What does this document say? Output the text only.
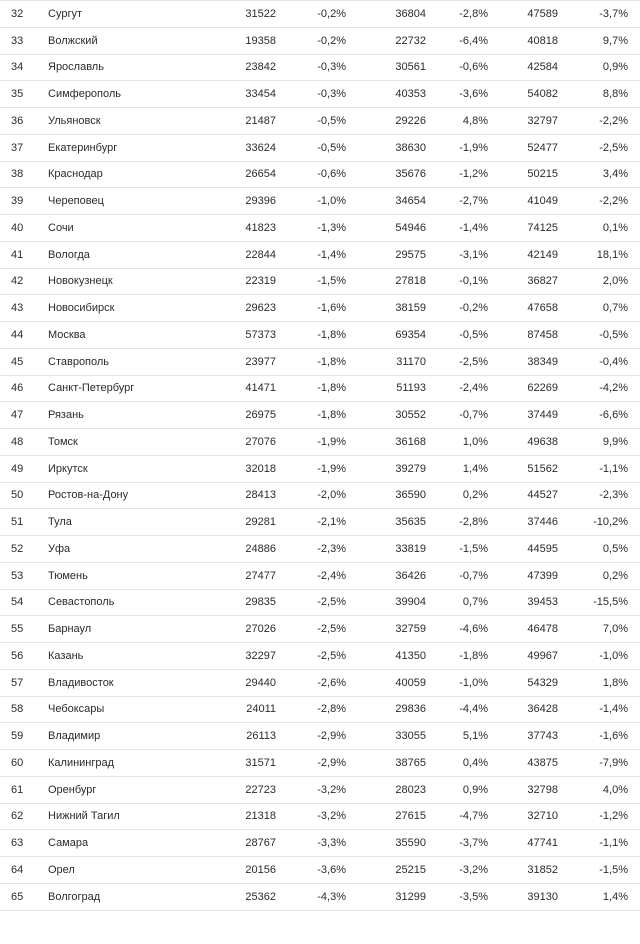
32	Сургут	31522	-0,2%	36804	-2,8%	47589	-3,7%
33	Волжский	19358	-0,2%	22732	-6,4%	40818	9,7%
34	Ярославль	23842	-0,3%	30561	-0,6%	42584	0,9%
35	Симферополь	33454	-0,3%	40353	-3,6%	54082	8,8%
36	Ульяновск	21487	-0,5%	29226	4,8%	32797	-2,2%
37	Екатеринбург	33624	-0,5%	38630	-1,9%	52477	-2,5%
38	Краснодар	26654	-0,6%	35676	-1,2%	50215	3,4%
39	Череповец	29396	-1,0%	34654	-2,7%	41049	-2,2%
40	Сочи	41823	-1,3%	54946	-1,4%	74125	0,1%
41	Вологда	22844	-1,4%	29575	-3,1%	42149	18,1%
42	Новокузнецк	22319	-1,5%	27818	-0,1%	36827	2,0%
43	Новосибирск	29623	-1,6%	38159	-0,2%	47658	0,7%
44	Москва	57373	-1,8%	69354	-0,5%	87458	-0,5%
45	Ставрополь	23977	-1,8%	31170	-2,5%	38349	-0,4%
46	Санкт-Петербург	41471	-1,8%	51193	-2,4%	62269	-4,2%
47	Рязань	26975	-1,8%	30552	-0,7%	37449	-6,6%
48	Томск	27076	-1,9%	36168	1,0%	49638	9,9%
49	Иркутск	32018	-1,9%	39279	1,4%	51562	-1,1%
50	Ростов-на-Дону	28413	-2,0%	36590	0,2%	44527	-2,3%
51	Тула	29281	-2,1%	35635	-2,8%	37446	-10,2%
52	Уфа	24886	-2,3%	33819	-1,5%	44595	0,5%
53	Тюмень	27477	-2,4%	36426	-0,7%	47399	0,2%
54	Севастополь	29835	-2,5%	39904	0,7%	39453	-15,5%
55	Барнаул	27026	-2,5%	32759	-4,6%	46478	7,0%
56	Казань	32297	-2,5%	41350	-1,8%	49967	-1,0%
57	Владивосток	29440	-2,6%	40059	-1,0%	54329	1,8%
58	Чебоксары	24011	-2,8%	29836	-4,4%	36428	-1,4%
59	Владимир	26113	-2,9%	33055	5,1%	37743	-1,6%
60	Калининград	31571	-2,9%	38765	0,4%	43875	-7,9%
61	Оренбург	22723	-3,2%	28023	0,9%	32798	4,0%
62	Нижний Тагил	21318	-3,2%	27615	-4,7%	32710	-1,2%
63	Самара	28767	-3,3%	35590	-3,7%	47741	-1,1%
64	Орел	20156	-3,6%	25215	-3,2%	31852	-1,5%
65	Волгоград	25362	-4,3%	31299	-3,5%	39130	1,4%
